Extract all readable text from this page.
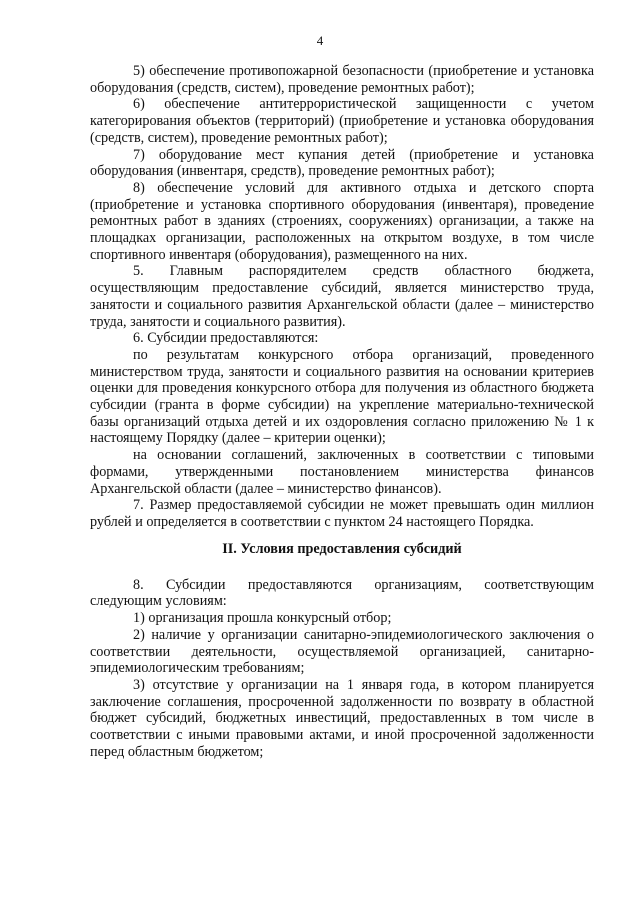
4

5) обеспечение противопожарной безопасности (приобретение и установка оборудования (средств, систем), проведение ремонтных работ);

6) обеспечение антитеррористической защищенности с учетом категорирования объектов (территорий) (приобретение и установка оборудования (средств, систем), проведение ремонтных работ);

7) оборудование мест купания детей (приобретение и установка оборудования (инвентаря, средств), проведение ремонтных работ);

8) обеспечение условий для активного отдыха и детского спорта (приобретение и установка спортивного оборудования (инвентаря), проведение ремонтных работ в зданиях (строениях, сооружениях) организации, а также на площадках организации, расположенных на открытом воздухе, в том числе спортивного инвентаря (оборудования), размещенного на них.

5. Главным распорядителем средств областного бюджета, осуществляющим предоставление субсидий, является министерство труда, занятости и социального развития Архангельской области (далее – министерство труда, занятости и социального развития).

6. Субсидии предоставляются:

по результатам конкурсного отбора организаций, проведенного министерством труда, занятости и социального развития на основании критериев оценки для проведения конкурсного отбора для получения из областного бюджета субсидии (гранта в форме субсидии) на укрепление материально-технической базы организаций отдыха детей и их оздоровления согласно приложению № 1 к настоящему Порядку (далее – критерии оценки);

на основании соглашений, заключенных в соответствии с типовыми формами, утвержденными постановлением министерства финансов Архангельской области (далее – министерство финансов).

7. Размер предоставляемой субсидии не может превышать один миллион рублей и определяется в соответствии с пунктом 24 настоящего Порядка.

II. Условия предоставления субсидий

8. Субсидии предоставляются организациям, соответствующим следующим условиям:

1) организация прошла конкурсный отбор;

2) наличие у организации санитарно-эпидемиологического заключения о соответствии деятельности, осуществляемой организацией, санитарно-эпидемиологическим требованиям;

3) отсутствие у организации на 1 января года, в котором планируется заключение соглашения, просроченной задолженности по возврату в областной бюджет субсидий, бюджетных инвестиций, предоставленных в том числе в соответствии с иными правовыми актами, и иной просроченной задолженности перед областным бюджетом;
